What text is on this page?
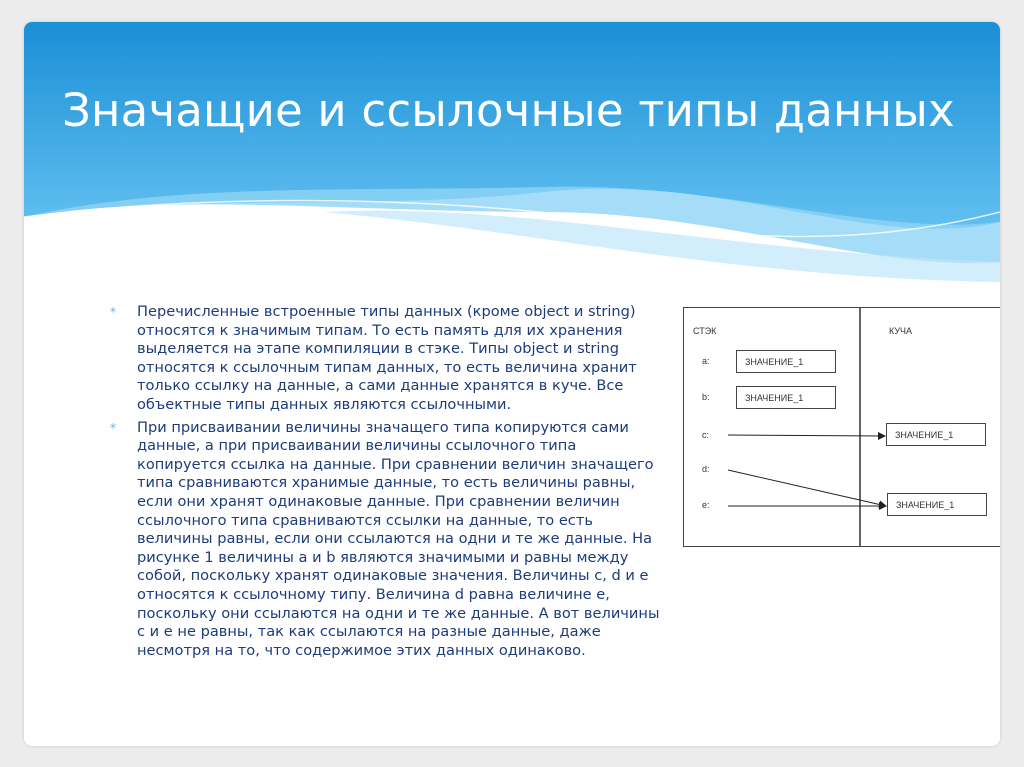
Значащие и ссылочные типы данных
* Перечисленные встроенные типы данных (кроме object и string)
относятся к значимым типам. То есть память для их хранения
выделяется на этапе компиляции в стэке. Типы object и string
относятся к ссылочным типам данных, то есть величина хранит
только ссылку на данные, а сами данные хранятся в куче. Все
объектные типы данных являются ссылочными.
* При присваивании величины значащего типа копируются сами
данные, а при присваивании величины ссылочного типа
копируется ссылка на данные. При сравнении величин значащего
типа сравниваются хранимые данные, то есть величины равны,
если они хранят одинаковые данные. При сравнении величин
ссылочного типа сравниваются ссылки на данные, то есть
величины равны, если они ссылаются на одни и те же данные. На
рисунке 1 величины a и b являются значимыми и равны между
собой, поскольку хранят одинаковые значения. Величины c, d и e
относятся к ссылочному типу. Величина d равна величине e,
поскольку они ссылаются на одни и те же данные. А вот величины
c и e не равны, так как ссылаются на разные данные, даже
несмотря на то, что содержимое этих данных одинаково.
СТЭК	КУЧА
a:
b:
c:
d:
e:
ЗНАЧЕНИЕ_1
ЗНАЧЕНИЕ_1
ЗНАЧЕНИЕ_1
ЗНАЧЕНИЕ_1
